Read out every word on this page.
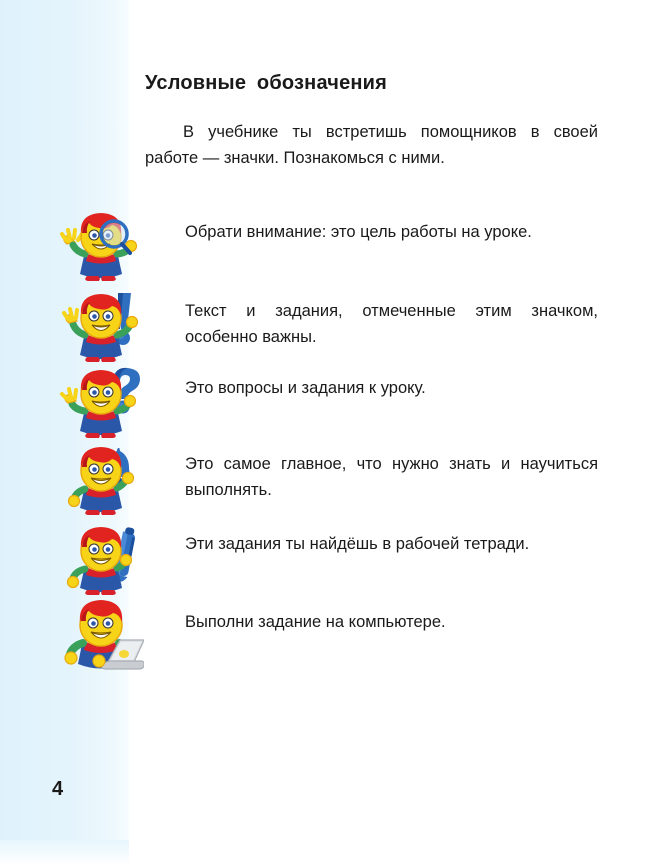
4
Условные обозначения
В учебнике ты встретишь помощников в своей работе — значки. Познакомься с ними.
Обрати внимание: это цель работы на уроке.
Текст и задания, отмеченные этим значком, особенно важны.
Это вопросы и задания к уроку.
Это самое главное, что нужно знать и научиться выполнять.
Эти задания ты найдёшь в рабочей тетради.
Выполни задание на компьютере.
